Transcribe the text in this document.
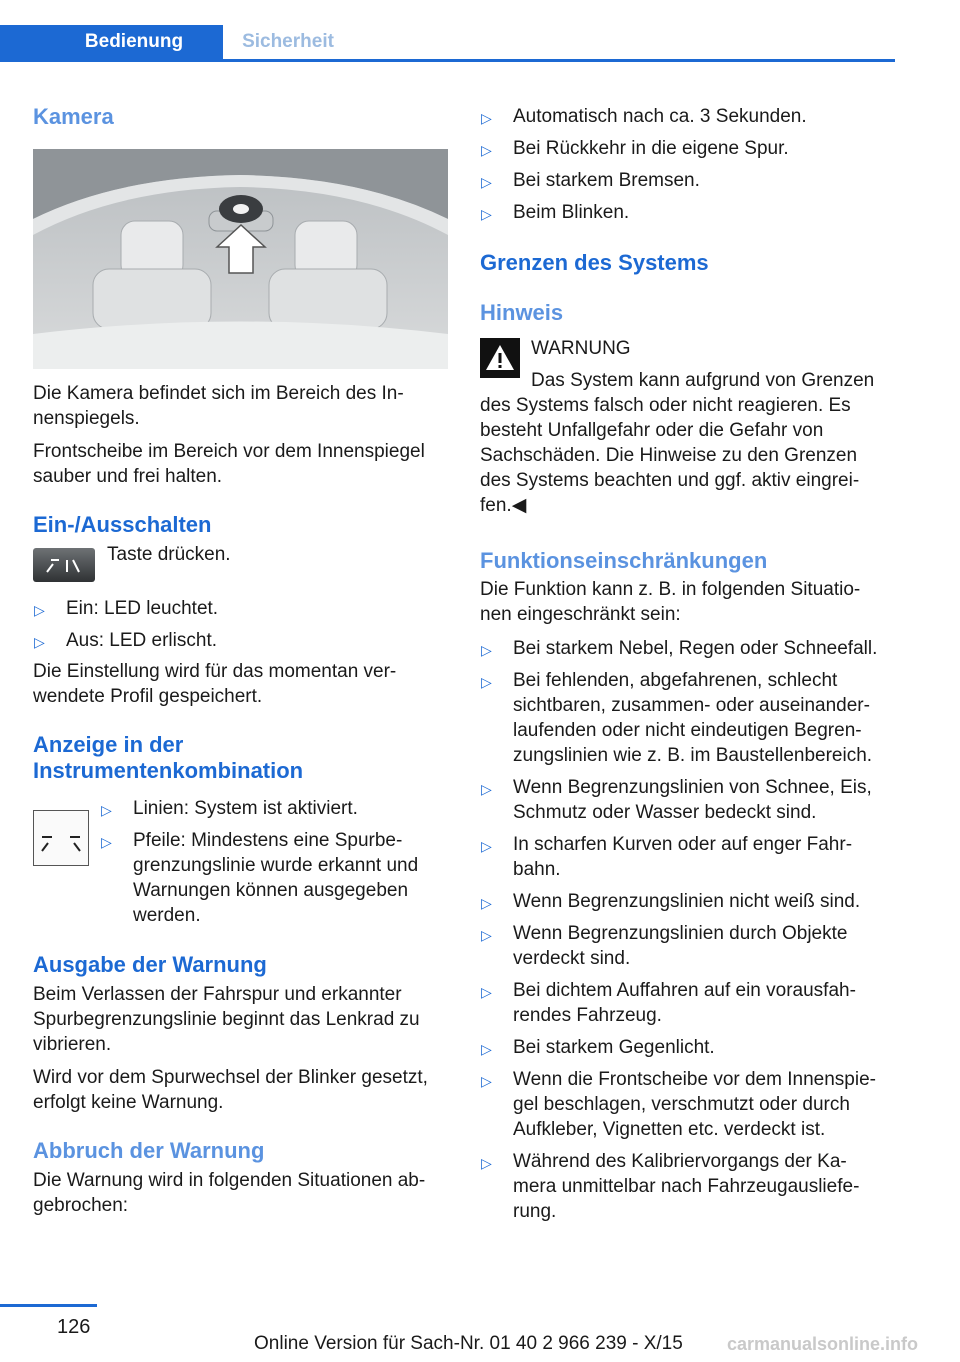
Bedienung	Sicherheit
Kamera

Die Kamera befindet sich im Bereich des In-
nenspiegels.

Frontscheibe im Bereich vor dem Innenspiegel
sauber und frei halten.

Ein-/Ausschalten
Taste drücken.
▷ Ein: LED leuchtet.
▷ Aus: LED erlischt.

Die Einstellung wird für das momentan ver-
wendete Profil gespeichert.

Anzeige in der
Instrumentenkombination
▷ Linien: System ist aktiviert.
▷ Pfeile: Mindestens eine Spurbe-
grenzungslinie wurde erkannt und
Warnungen können ausgegeben
werden.
Ausgabe der Warnung

Beim Verlassen der Fahrspur und erkannter
Spurbegrenzungslinie beginnt das Lenkrad zu
vibrieren.

Wird vor dem Spurwechsel der Blinker gesetzt,
erfolgt keine Warnung.

Abbruch der Warnung

Die Warnung wird in folgenden Situationen ab-
gebrochen:

▷ Automatisch nach ca. 3 Sekunden.
▷ Bei Rückkehr in die eigene Spur.
▷ Bei starkem Bremsen.
▷ Beim Blinken.
Grenzen des Systems
Hinweis
WARNUNG
Das System kann aufgrund von Grenzen

des Systems falsch oder nicht reagieren. Es
besteht Unfallgefahr oder die Gefahr von
Sachschäden. Die Hinweise zu den Grenzen
des Systems beachten und ggf. aktiv eingrei-
fen.◀

Funktionseinschränkungen

Die Funktion kann z. B. in folgenden Situatio-
nen eingeschränkt sein:

▷ Bei starkem Nebel, Regen oder Schneefall.
▷ Bei fehlenden, abgefahrenen, schlecht
sichtbaren, zusammen- oder auseinander-
laufenden oder nicht eindeutigen Begren-
zungslinien wie z. B. im Baustellenbereich.
▷ Wenn Begrenzungslinien von Schnee, Eis,
Schmutz oder Wasser bedeckt sind.
▷ In scharfen Kurven oder auf enger Fahr-
bahn.
▷ Wenn Begrenzungslinien nicht weiß sind.
▷ Wenn Begrenzungslinien durch Objekte
verdeckt sind.
▷ Bei dichtem Auffahren auf ein vorausfah-
rendes Fahrzeug.
▷ Bei starkem Gegenlicht.
▷ Wenn die Frontscheibe vor dem Innenspie-
gel beschlagen, verschmutzt oder durch
Aufkleber, Vignetten etc. verdeckt ist.
▷ Während des Kalibriervorgangs der Ka-
mera unmittelbar nach Fahrzeugausliefe-
rung.
126
Online Version für Sach-Nr. 01 40 2 966 239 - X/15 carmanualsonline.info
